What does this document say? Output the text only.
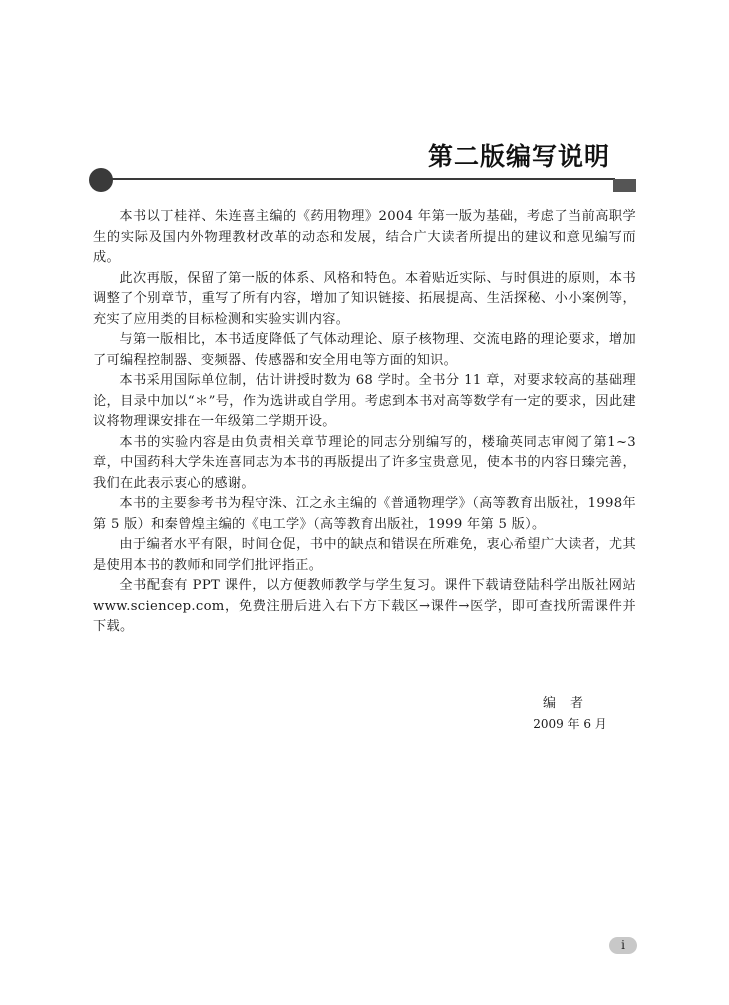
第二版编写说明

本书以丁桂祥、朱连喜主编的《药用物理》2004 年第一版为基础，考虑了当前高职学生的实际及国内外物理教材改革的动态和发展，结合广大读者所提出的建议和意见编写而成。

此次再版，保留了第一版的体系、风格和特色。本着贴近实际、与时俱进的原则，本书调整了个别章节，重写了所有内容，增加了知识链接、拓展提高、生活探秘、小小案例等，充实了应用类的目标检测和实验实训内容。

与第一版相比，本书适度降低了气体动理论、原子核物理、交流电路的理论要求，增加了可编程控制器、变频器、传感器和安全用电等方面的知识。

本书采用国际单位制，估计讲授时数为 68 学时。全书分 11 章，对要求较高的基础理论，目录中加以“＊”号，作为选讲或自学用。考虑到本书对高等数学有一定的要求，因此建议将物理课安排在一年级第二学期开设。

本书的实验内容是由负责相关章节理论的同志分别编写的，楼瑜英同志审阅了第1~3 章，中国药科大学朱连喜同志为本书的再版提出了许多宝贵意见，使本书的内容日臻完善，我们在此表示衷心的感谢。

本书的主要参考书为程守洙、江之永主编的《普通物理学》（高等教育出版社，1998年第 5 版）和秦曾煌主编的《电工学》（高等教育出版社，1999 年第 5 版）。

由于编者水平有限，时间仓促，书中的缺点和错误在所难免，衷心希望广大读者，尤其是使用本书的教师和同学们批评指正。

全书配套有 PPT 课件，以方便教师教学与学生复习。课件下载请登陆科学出版社网站 www.sciencep.com，免费注册后进入右下方下载区→课件→医学，即可查找所需课件并下载。

编者
2009 年 6 月
i
